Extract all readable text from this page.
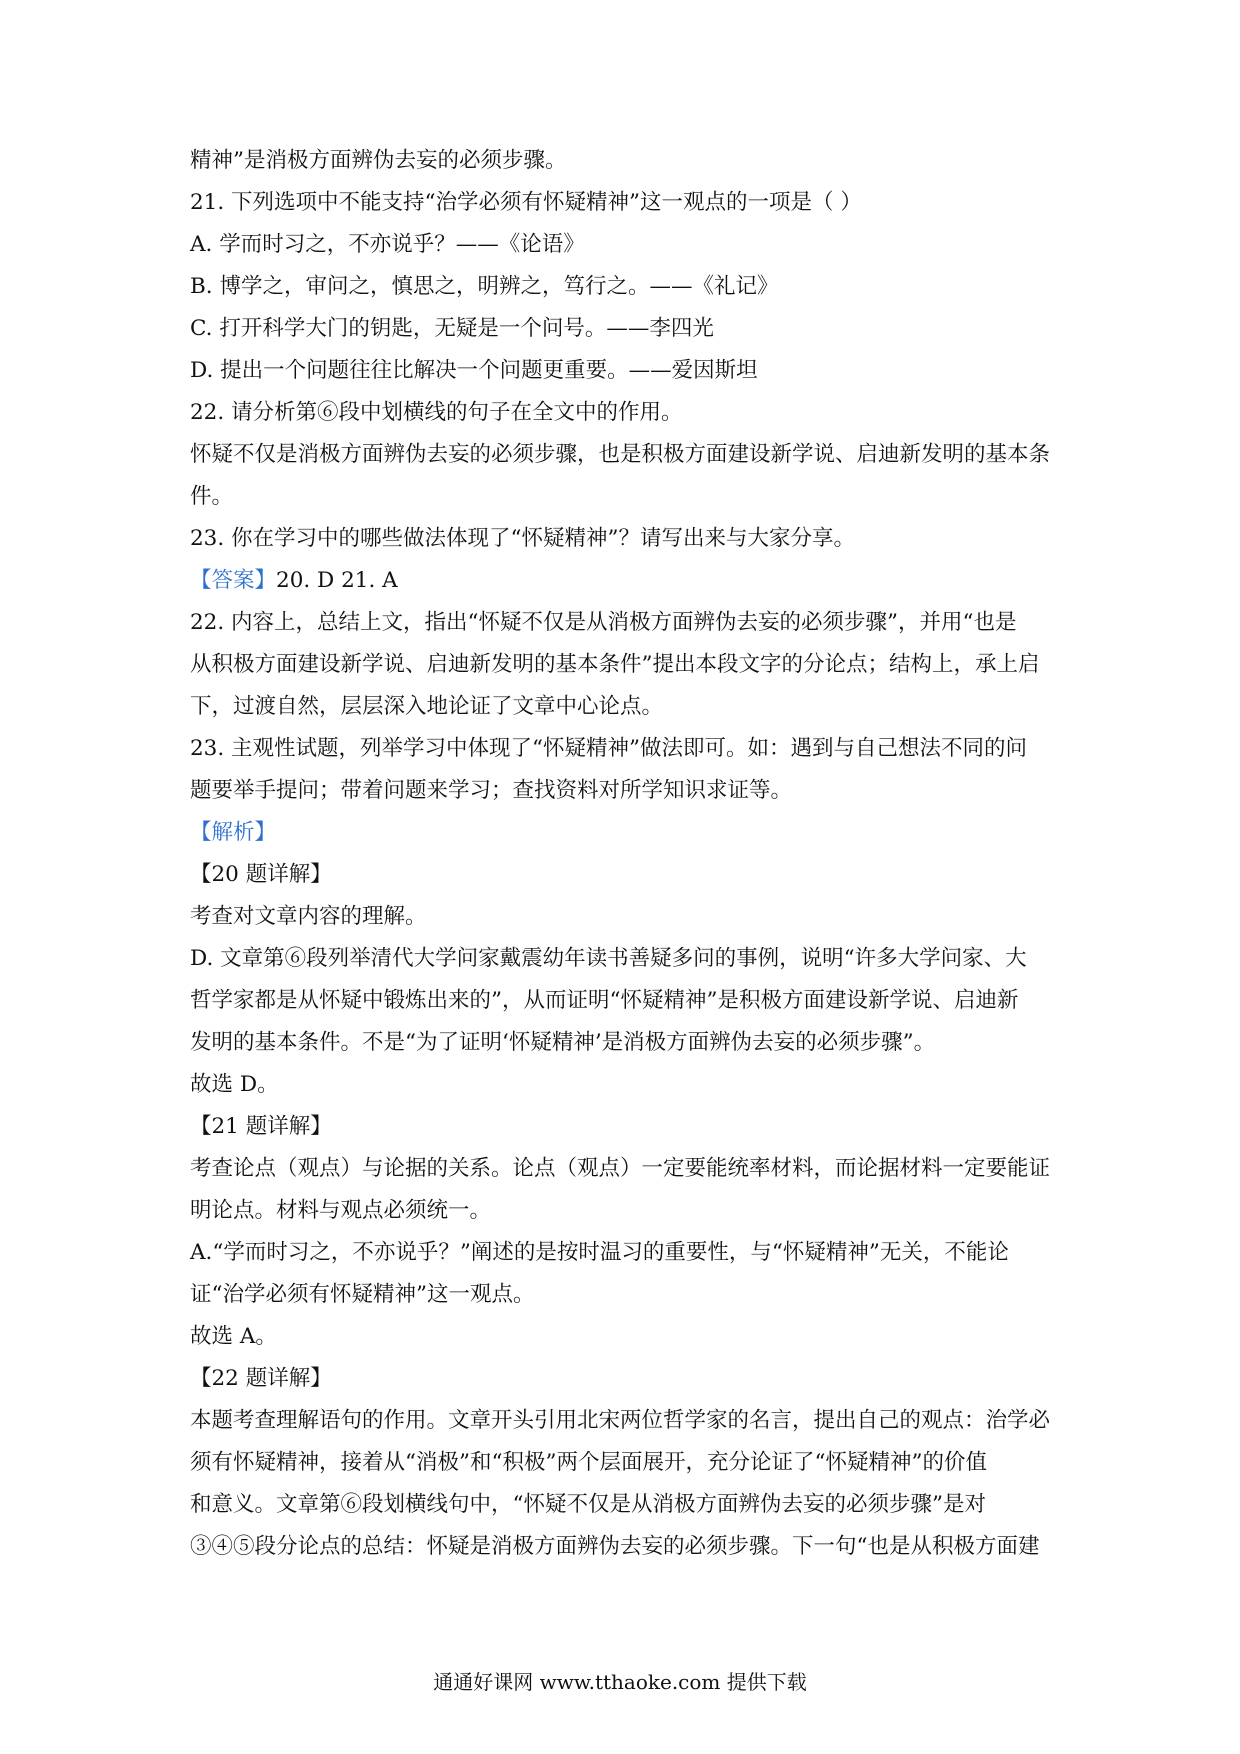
精神”是消极方面辨伪去妄的必须步骤。
21. 下列选项中不能支持“治学必须有怀疑精神”这一观点的一项是（ ）
A. 学而时习之，不亦说乎？——《论语》
B. 博学之，审问之，慎思之，明辨之，笃行之。——《礼记》
C. 打开科学大门的钥匙，无疑是一个问号。——李四光
D. 提出一个问题往往比解决一个问题更重要。——爱因斯坦
22. 请分析第⑥段中划横线的句子在全文中的作用。
怀疑不仅是消极方面辨伪去妄的必须步骤，也是积极方面建设新学说、启迪新发明的基本条
件。
23. 你在学习中的哪些做法体现了“怀疑精神”？请写出来与大家分享。
【答案】20. D 21. A
22. 内容上，总结上文，指出“怀疑不仅是从消极方面辨伪去妄的必须步骤”，并用“也是
从积极方面建设新学说、启迪新发明的基本条件”提出本段文字的分论点；结构上，承上启
下，过渡自然，层层深入地论证了文章中心论点。
23. 主观性试题，列举学习中体现了“怀疑精神”做法即可。如：遇到与自己想法不同的问
题要举手提问；带着问题来学习；查找资料对所学知识求证等。
【解析】
【20 题详解】
考查对文章内容的理解。
D. 文章第⑥段列举清代大学问家戴震幼年读书善疑多问的事例，说明“许多大学问家、大
哲学家都是从怀疑中锻炼出来的”，从而证明“怀疑精神”是积极方面建设新学说、启迪新
发明的基本条件。不是“为了证明‘怀疑精神’是消极方面辨伪去妄的必须步骤”。
故选 D。
【21 题详解】
考查论点（观点）与论据的关系。论点（观点）一定要能统率材料，而论据材料一定要能证
明论点。材料与观点必须统一。
A.“学而时习之，不亦说乎？”阐述的是按时温习的重要性，与“怀疑精神”无关，不能论
证“治学必须有怀疑精神”这一观点。
故选 A。
【22 题详解】
本题考查理解语句的作用。文章开头引用北宋两位哲学家的名言，提出自己的观点：治学必
须有怀疑精神，接着从“消极”和“积极”两个层面展开，充分论证了“怀疑精神”的价值
和意义。文章第⑥段划横线句中，“怀疑不仅是从消极方面辨伪去妄的必须步骤”是对
③④⑤段分论点的总结：怀疑是消极方面辨伪去妄的必须步骤。下一句“也是从积极方面建
通通好课网 www.tthaoke.com 提供下载
